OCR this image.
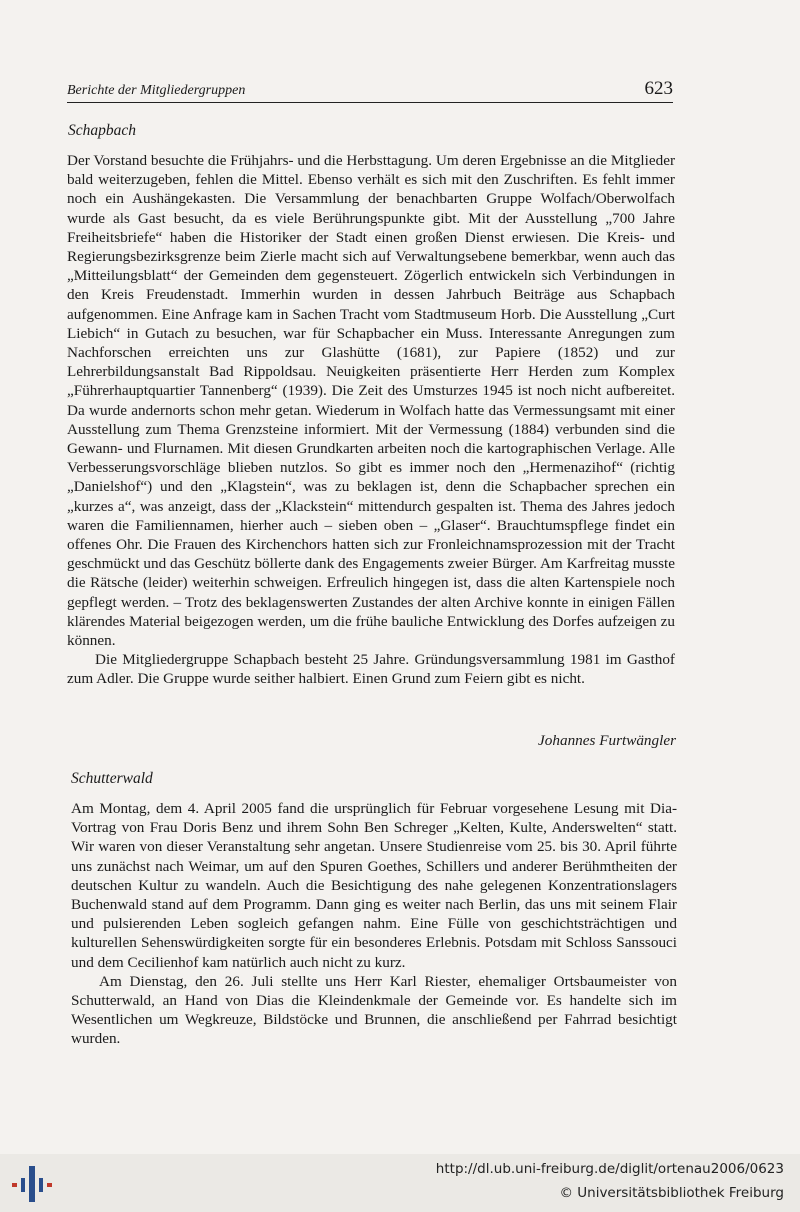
Berichte der Mitgliedergruppen	623
Schapbach

Der Vorstand besuchte die Frühjahrs- und die Herbsttagung. Um deren Ergebnisse an die Mitglieder bald weiterzugeben, fehlen die Mittel. Ebenso verhält es sich mit den Zuschriften. Es fehlt immer noch ein Aushängekasten. Die Versammlung der benachbarten Gruppe Wolfach/Oberwolfach wurde als Gast besucht, da es viele Berührungspunkte gibt. Mit der Ausstellung „700 Jahre Freiheitsbriefe“ haben die Historiker der Stadt einen großen Dienst erwiesen. Die Kreis- und Regierungsbezirksgrenze beim Zierle macht sich auf Verwaltungsebene bemerkbar, wenn auch das „Mitteilungsblatt“ der Gemeinden dem gegensteuert. Zögerlich entwickeln sich Verbindungen in den Kreis Freudenstadt. Immerhin wurden in dessen Jahrbuch Beiträge aus Schapbach aufgenommen. Eine Anfrage kam in Sachen Tracht vom Stadtmuseum Horb. Die Ausstellung „Curt Liebich“ in Gutach zu besuchen, war für Schapbacher ein Muss. Interessante Anregungen zum Nachforschen erreichten uns zur Glashütte (1681), zur Papiere (1852) und zur Lehrerbildungsanstalt Bad Rippoldsau. Neuigkeiten präsentierte Herr Herden zum Komplex „Führerhauptquartier Tannenberg“ (1939). Die Zeit des Umsturzes 1945 ist noch nicht aufbereitet. Da wurde andernorts schon mehr getan. Wiederum in Wolfach hatte das Vermessungsamt mit einer Ausstellung zum Thema Grenzsteine informiert. Mit der Vermessung (1884) verbunden sind die Gewann- und Flurnamen. Mit diesen Grundkarten arbeiten noch die kartographischen Verlage. Alle Verbesserungsvorschläge blieben nutzlos. So gibt es immer noch den „Hermenazihof“ (richtig „Danielshof“) und den „Klagstein“, was zu beklagen ist, denn die Schapbacher sprechen ein „kurzes a“, was anzeigt, dass der „Klackstein“ mittendurch gespalten ist. Thema des Jahres jedoch waren die Familiennamen, hierher auch – sieben oben – „Glaser“. Brauchtumspflege findet ein offenes Ohr. Die Frauen des Kirchenchors hatten sich zur Fronleichnamsprozession mit der Tracht geschmückt und das Geschütz böllerte dank des Engagements zweier Bürger. Am Karfreitag musste die Rätsche (leider) weiterhin schweigen. Erfreulich hingegen ist, dass die alten Kartenspiele noch gepflegt werden. – Trotz des beklagenswerten Zustandes der alten Archive konnte in einigen Fällen klärendes Material beigezogen werden, um die frühe bauliche Entwicklung des Dorfes aufzeigen zu können.

Die Mitgliedergruppe Schapbach besteht 25 Jahre. Gründungsversammlung 1981 im Gasthof zum Adler. Die Gruppe wurde seither halbiert. Einen Grund zum Feiern gibt es nicht.

Johannes Furtwängler
Schutterwald

Am Montag, dem 4. April 2005 fand die ursprünglich für Februar vorgesehene Lesung mit Dia-Vortrag von Frau Doris Benz und ihrem Sohn Ben Schreger „Kelten, Kulte, Anderswelten“ statt. Wir waren von dieser Veranstaltung sehr angetan. Unsere Studienreise vom 25. bis 30. April führte uns zunächst nach Weimar, um auf den Spuren Goethes, Schillers und anderer Berühmtheiten der deutschen Kultur zu wandeln. Auch die Besichtigung des nahe gelegenen Konzentrationslagers Buchenwald stand auf dem Programm. Dann ging es weiter nach Berlin, das uns mit seinem Flair und pulsierenden Leben sogleich gefangen nahm. Eine Fülle von geschichtsträchtigen und kulturellen Sehenswürdigkeiten sorgte für ein besonderes Erlebnis. Potsdam mit Schloss Sanssouci und dem Cecilienhof kam natürlich auch nicht zu kurz.

Am Dienstag, den 26. Juli stellte uns Herr Karl Riester, ehemaliger Ortsbaumeister von Schutterwald, an Hand von Dias die Kleindenkmale der Gemeinde vor. Es handelte sich im Wesentlichen um Wegkreuze, Bildstöcke und Brunnen, die anschließend per Fahrrad besichtigt wurden.

http://dl.ub.uni-freiburg.de/diglit/ortenau2006/0623
© Universitätsbibliothek Freiburg
